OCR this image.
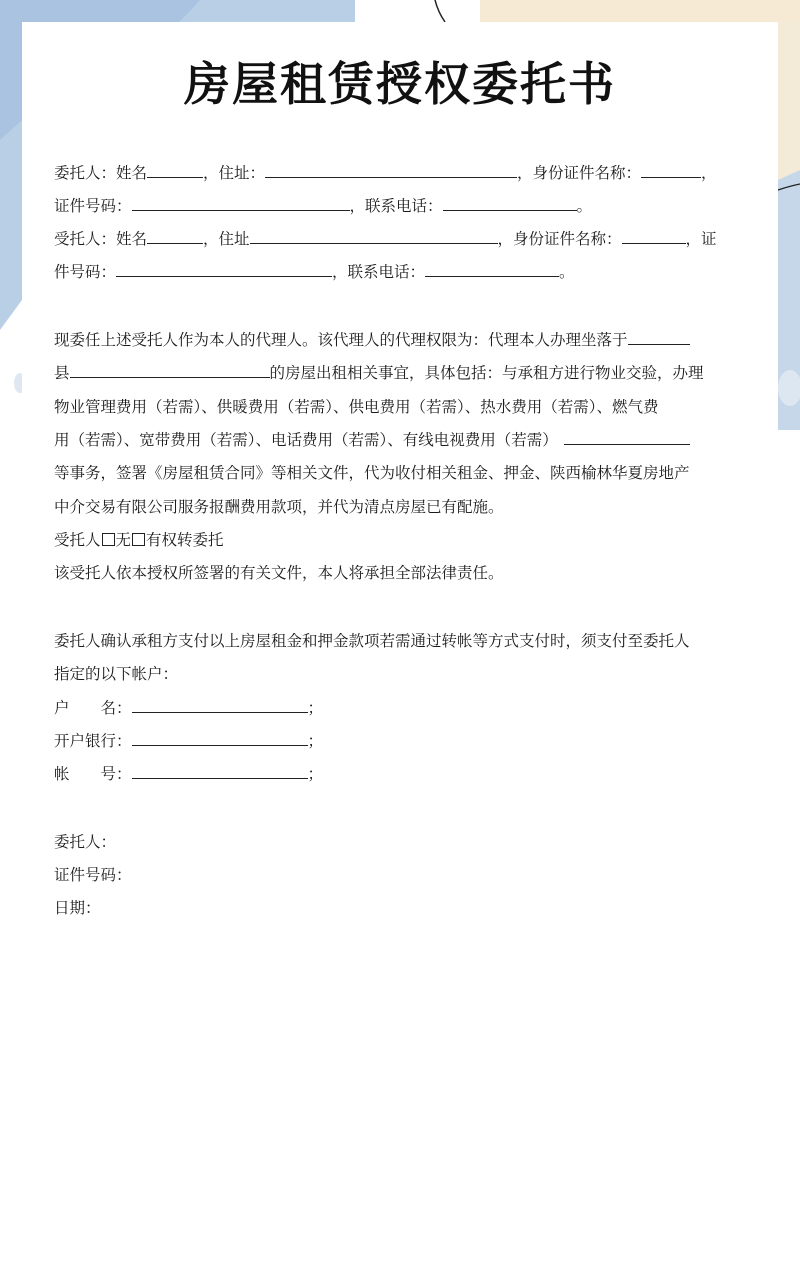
房屋租赁授权委托书
委托人：姓名	，住址：	，身份证件名称：	，
证件号码：	，联系电话：	。
受托人：姓名	，住址	，身份证件名称：	，证
件号码：	，联系电话：	。
现委任上述受托人作为本人的代理人。该代理人的代理权限为：代理本人办理坐落于
县	的房屋出租相关事宜，具体包括：与承租方进行物业交验，办理
物业管理费用（若需）、供暖费用（若需）、供电费用（若需）、热水费用（若需）、燃气费
用（若需）、宽带费用（若需）、电话费用（若需）、有线电视费用（若需）
等事务，签署《房屋租赁合同》等相关文件，代为收付相关租金、押金、陕西榆林华夏房地产
中介交易有限公司服务报酬费用款项，并代为清点房屋已有配施。
受托人 无 有权转委托
该受托人依本授权所签署的有关文件，本人将承担全部法律责任。
委托人确认承租方支付以上房屋租金和押金款项若需通过转帐等方式支付时，须支付至委托人
指定的以下帐户：
户 名：	；
开户银行：	；
帐 号：	；
委托人：
证件号码：
日期：
